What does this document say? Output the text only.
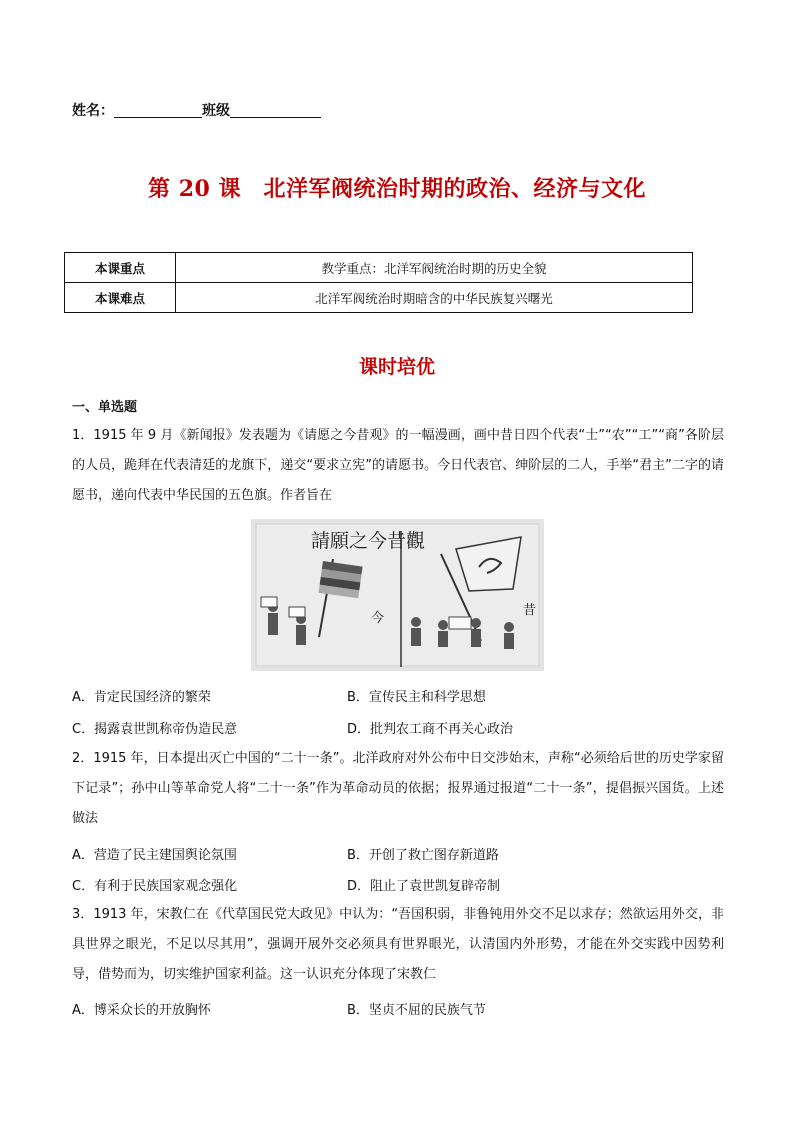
姓名：	班级
第 20 课　北洋军阀统治时期的政治、经济与文化
本课重点	教学重点：北洋军阀统治时期的历史全貌
本课难点	北洋军阀统治时期暗含的中华民族复兴曙光
课时培优
一、单选题
1．1915 年 9 月《新闻报》发表题为《请愿之今昔观》的一幅漫画，画中昔日四个代表“士”“农”“工”“商”各阶层的人员，跪拜在代表清廷的龙旗下，递交“要求立宪”的请愿书。今日代表官、绅阶层的二人，手举“君主”二字的请愿书，递向代表中华民国的五色旗。作者旨在
請願之今昔觀
今
昔
A．肯定民国经济的繁荣	B．宣传民主和科学思想
C．揭露袁世凯称帝伪造民意	D．批判农工商不再关心政治
2．1915 年，日本提出灭亡中国的“二十一条”。北洋政府对外公布中日交涉始末，声称“必须给后世的历史学家留下记录”；孙中山等革命党人将“二十一条”作为革命动员的依据；报界通过报道“二十一条”，提倡振兴国货。上述做法
A．营造了民主建国舆论氛围	B．开创了救亡图存新道路
C．有利于民族国家观念强化	D．阻止了袁世凯复辟帝制
3．1913 年，宋教仁在《代草国民党大政见》中认为：“吾国积弱，非鲁钝用外交不足以求存；然欲运用外交，非具世界之眼光，不足以尽其用”，强调开展外交必须具有世界眼光，认清国内外形势，才能在外交实践中因势利导，借势而为，切实维护国家利益。这一认识充分体现了宋教仁
A．博采众长的开放胸怀	B．坚贞不屈的民族气节
